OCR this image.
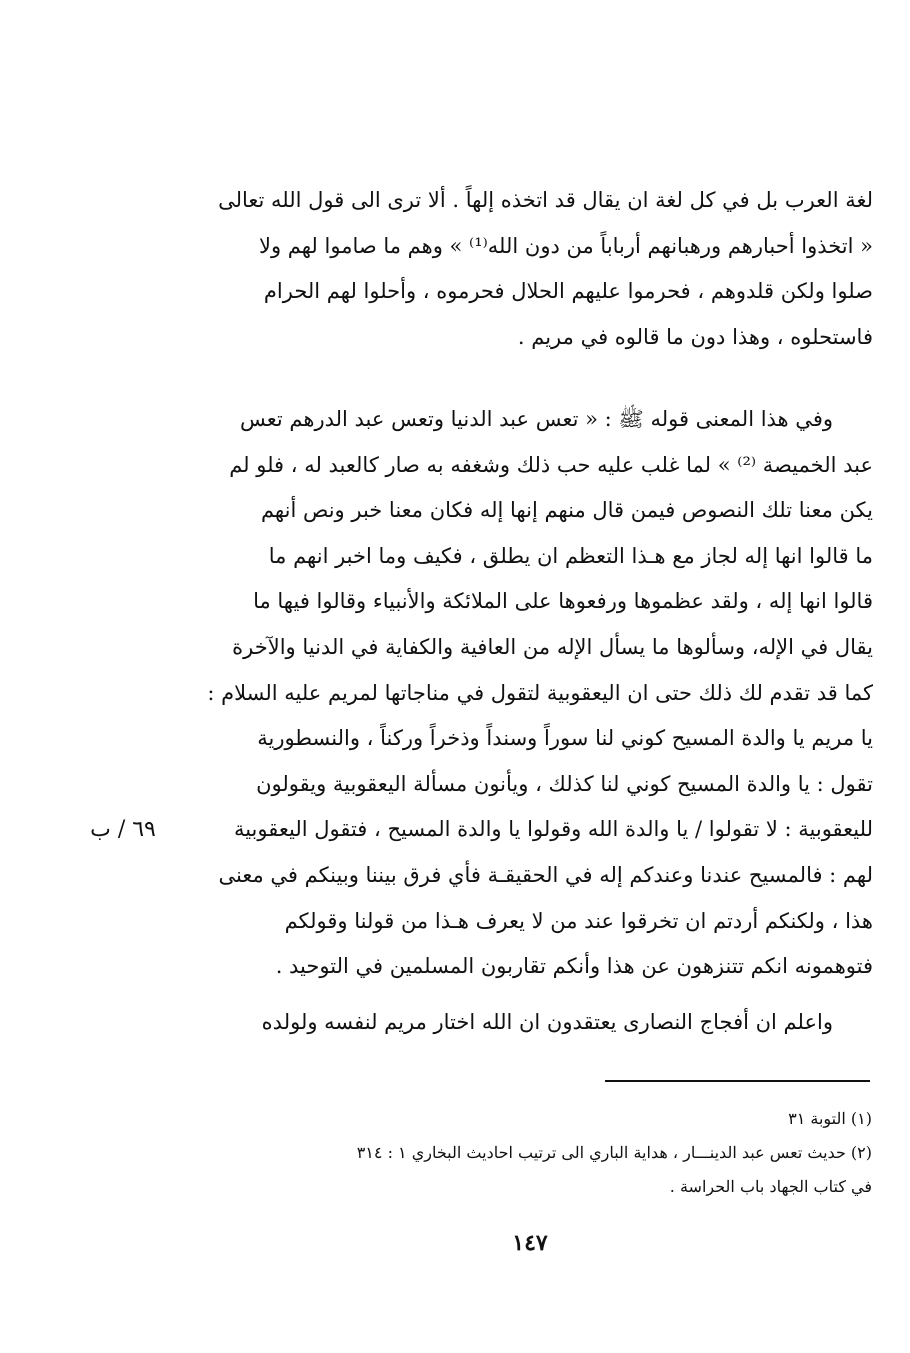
لغة العرب بل في كل لغة ان يقال قد اتخذه إلهاً . ألا ترى الى قول الله تعالى
« اتخذوا أحبارهم ورهبانهم أرباباً من دون الله⁽¹⁾ » وهم ما صاموا لهم ولا
صلوا ولكن قلدوهم ، فحرموا عليهم الحلال فحرموه ، وأحلوا لهم الحرام
فاستحلوه ، وهذا دون ما قالوه في مريم .
وفي هذا المعنى قوله ﷺ : « تعس عبد الدنيا وتعس عبد الدرهم تعس
عبد الخميصة ⁽²⁾ » لما غلب عليه حب ذلك وشغفه به صار كالعبد له ، فلو لم
يكن معنا تلك النصوص فيمن قال منهم إنها إله فكان معنا خبر ونص أنهم
ما قالوا انها إله لجاز مع هـذا التعظم ان يطلق ، فكيف وما اخبر انهم ما
قالوا انها إله ، ولقد عظموها ورفعوها على الملائكة والأنبياء وقالوا فيها ما
يقال في الإله، وسألوها ما يسأل الإله من العافية والكفاية في الدنيا والآخرة
كما قد تقدم لك ذلك حتى ان اليعقوبية لتقول في مناجاتها لمريم عليه السلام :
يا مريم يا والدة المسيح كوني لنا سوراً وسنداً وذخراً وركناً ، والنسطورية
تقول : يا والدة المسيح كوني لنا كذلك ، ويأنون مسألة اليعقوبية ويقولون
لليعقوبية : لا تقولوا / يا والدة الله وقولوا يا والدة المسيح ، فتقول اليعقوبية
لهم : فالمسيح عندنا وعندكم إله في الحقيقـة فأي فرق بيننا وبينكم في معنى
هذا ، ولكنكم أردتم ان تخرقوا عند من لا يعرف هـذا من قولنا وقولكم
فتوهمونه انكم تتنزهون عن هذا وأنكم تقاربون المسلمين في التوحيد .
واعلم ان أفجاج النصارى يعتقدون ان الله اختار مريم لنفسه ولولده
٦٩ / ب
(١) التوبة ٣١
(٢) حديث تعس عبد الدينـــار ، هداية الباري الى ترتيب احاديث البخاري ١ : ٣١٤
في كتاب الجهاد باب الحراسة .
١٤٧
